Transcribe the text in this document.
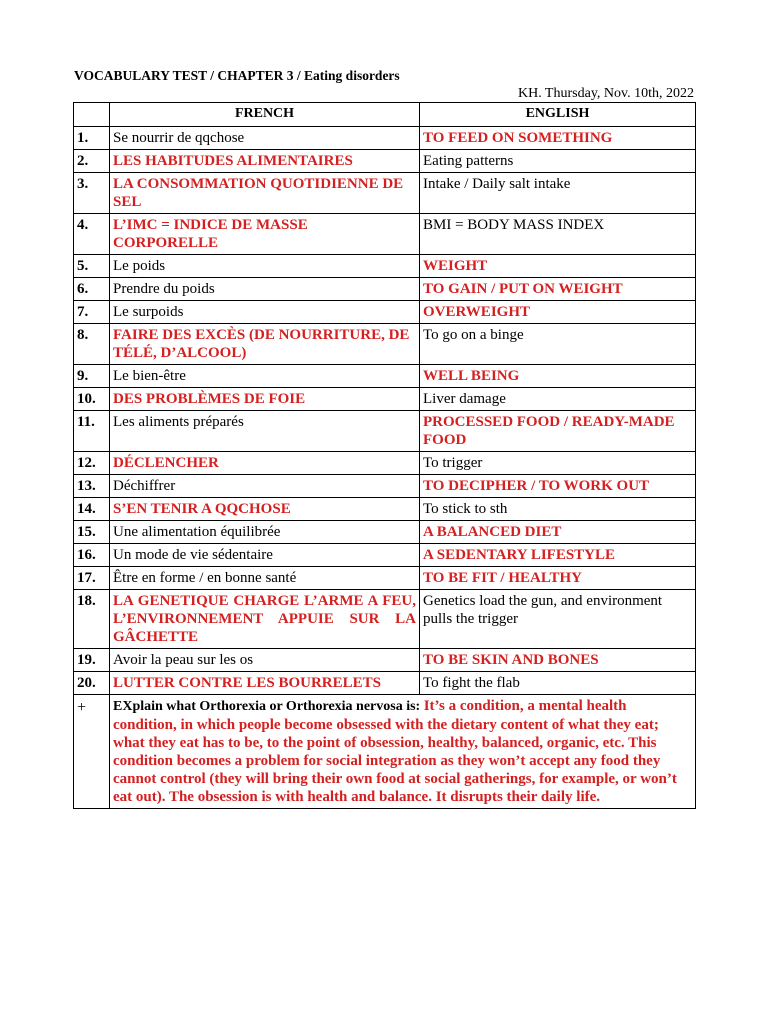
VOCABULARY TEST / CHAPTER 3 / Eating disorders
KH. Thursday, Nov. 10th, 2022
	FRENCH	ENGLISH
1.	Se nourrir de qqchose	TO FEED ON SOMETHING
2.	LES HABITUDES ALIMENTAIRES	Eating patterns
3.	LA CONSOMMATION QUOTIDIENNE DE SEL	Intake / Daily salt intake
4.	L’IMC = INDICE DE MASSE CORPORELLE	BMI = BODY MASS INDEX
5.	Le poids	WEIGHT
6.	Prendre du poids	TO GAIN / PUT ON WEIGHT
7.	Le surpoids	OVERWEIGHT
8.	FAIRE DES EXCÈS (DE NOURRITURE, DE TÉLÉ, D’ALCOOL)	To go on a binge
9.	Le bien-être	WELL BEING
10.	DES PROBLÈMES DE FOIE	Liver damage
11.	Les aliments préparés	PROCESSED FOOD / READY-MADE FOOD
12.	DÉCLENCHER	To trigger
13.	Déchiffrer	TO DECIPHER / TO WORK OUT
14.	S’EN TENIR A QQCHOSE	To stick to sth
15.	Une alimentation équilibrée	A BALANCED DIET
16.	Un mode de vie sédentaire	A SEDENTARY LIFESTYLE
17.	Être en forme / en bonne santé	TO BE FIT / HEALTHY
18.	LA GENETIQUE CHARGE L’ARME A FEU, L’ENVIRONNEMENT APPUIE SUR LA GÂCHETTE	Genetics load the gun, and environment pulls the trigger
19.	Avoir la peau sur les os	TO BE SKIN AND BONES
20.	LUTTER CONTRE LES BOURRELETS	To fight the flab
+	EXplain what Orthorexia or Orthorexia nervosa is: It’s a condition, a mental health condition, in which people become obsessed with the dietary content of what they eat; what they eat has to be, to the point of obsession, healthy, balanced, organic, etc. This condition becomes a problem for social integration as they won’t accept any food they cannot control (they will bring their own food at social gatherings, for example, or won’t eat out). The obsession is with health and balance. It disrupts their daily life.	
